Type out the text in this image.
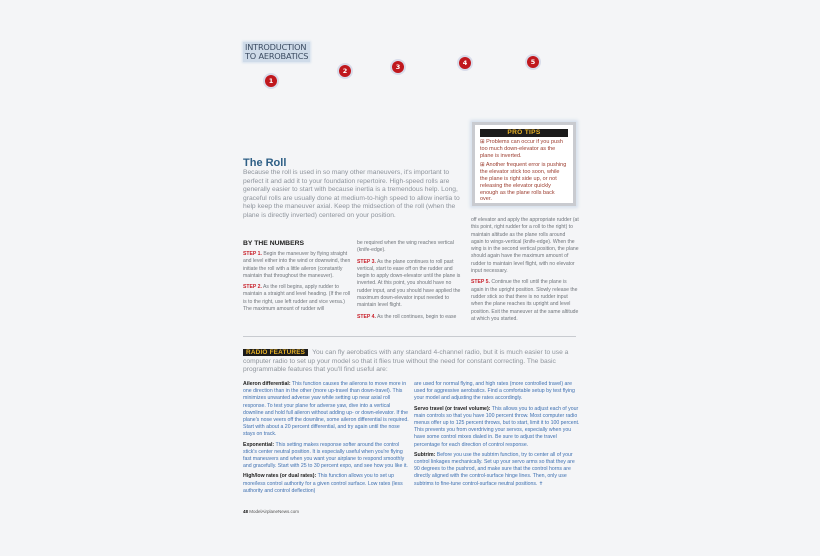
INTRODUCTION
TO AEROBATICS
1
2	3	4	5
PRO TIPS
⊞ Problems can occur if you push too much down-elevator as the plane is inverted.
⊞ Another frequent error is pushing the elevator stick too soon, while the plane is right side up, or not releasing the elevator quickly enough as the plane rolls back over.
The Roll
Because the roll is used in so many other maneuvers, it's important to perfect it and add it to your foundation repertoire. High-speed rolls are generally easier to start with because inertia is a tremendous help. Long, graceful rolls are usually done at medium-to-high speed to allow inertia to help keep the maneuver axial. Keep the midsection of the roll (when the plane is directly inverted) centered on your position.
BY THE NUMBERS

STEP 1. Begin the maneuver by flying straight and level either into the wind or downwind, then initiate the roll with a little aileron (constantly maintain that throughout the maneuver).

STEP 2. As the roll begins, apply rudder to maintain a straight and level heading. (If the roll is to the right, use left rudder and vice versa.) The maximum amount of rudder will

be required when the wing reaches vertical (knife-edge).

STEP 3. As the plane continues to roll past vertical, start to ease off on the rudder and begin to apply down-elevator until the plane is inverted. At this point, you should have no rudder input, and you should have applied the maximum down-elevator input needed to maintain level flight.

STEP 4. As the roll continues, begin to ease

off elevator and apply the appropriate rudder (at this point, right rudder for a roll to the right) to maintain altitude as the plane rolls around again to wings-vertical (knife-edge). When the wing is in the second vertical position, the plane should again have the maximum amount of rudder to maintain level flight, with no elevator input necessary.

STEP 5. Continue the roll until the plane is again in the upright position. Slowly release the rudder stick so that there is no rudder input when the plane reaches its upright and level position. Exit the maneuver at the same altitude at which you started.

RADIO FEATURES You can fly aerobatics with any standard 4-channel radio, but it is much easier to use a computer radio to set up your model so that it flies true without the need for constant correcting. The basic programmable features that you'll find useful are:

Aileron differential: This function causes the ailerons to move more in one direction than in the other (more up-travel than down-travel). This minimizes unwanted adverse yaw while setting up near axial roll response. To test your plane for adverse yaw, dive into a vertical downline and hold full aileron without adding up- or down-elevator. If the plane's nose veers off the downline, some aileron differential is required. Start with about a 20 percent differential, and try again until the nose stays on track.

Exponential: This setting makes response softer around the control stick's center neutral position. It is especially useful when you're flying fast maneuvers and when you want your airplane to respond smoothly and gracefully. Start with 25 to 30 percent expo, and see how you like it.

High/low rates (or dual rates): This function allows you to set up more/less control authority for a given control surface. Low rates (less authority and control deflection)

are used for normal flying, and high rates (more controlled travel) are used for aggressive aerobatics. Find a comfortable setup by test flying your model and adjusting the rates accordingly.

Servo travel (or travel volume): This allows you to adjust each of your main controls so that you have 100 percent throw. Most computer radio menus offer up to 125 percent throws, but to start, limit it to 100 percent. This prevents you from overdriving your servos, especially when you have some control mixes dialed in. Be sure to adjust the travel percentage for each direction of control response.

Subtrim: Before you use the subtrim function, try to center all of your control linkages mechanically. Set up your servo arms so that they are 90 degrees to the pushrod, and make sure that the control horns are directly aligned with the control-surface hinge lines. Then, only use subtrims to fine-tune control-surface neutral positions. ✝

48 ModelAirplaneNews.com
